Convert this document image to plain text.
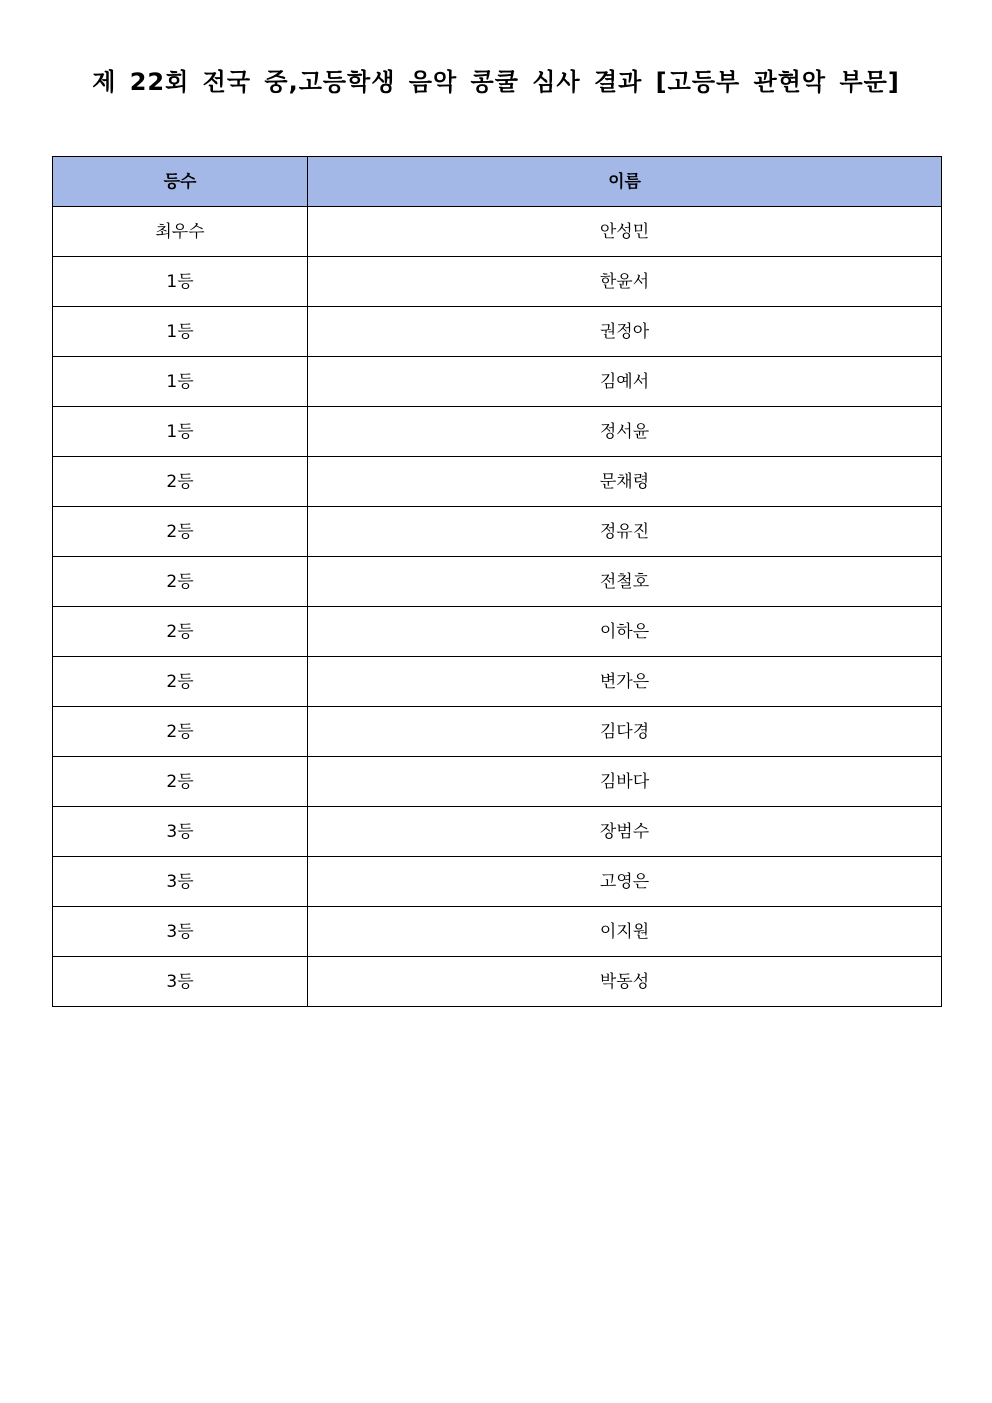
제 22회 전국 중,고등학생 음악 콩쿨 심사 결과 [고등부 관현악 부문]
등수	이름
최우수	안성민
1등	한윤서
1등	권정아
1등	김예서
1등	정서윤
2등	문채령
2등	정유진
2등	전철호
2등	이하은
2등	변가은
2등	김다경
2등	김바다
3등	장범수
3등	고영은
3등	이지원
3등	박동성
